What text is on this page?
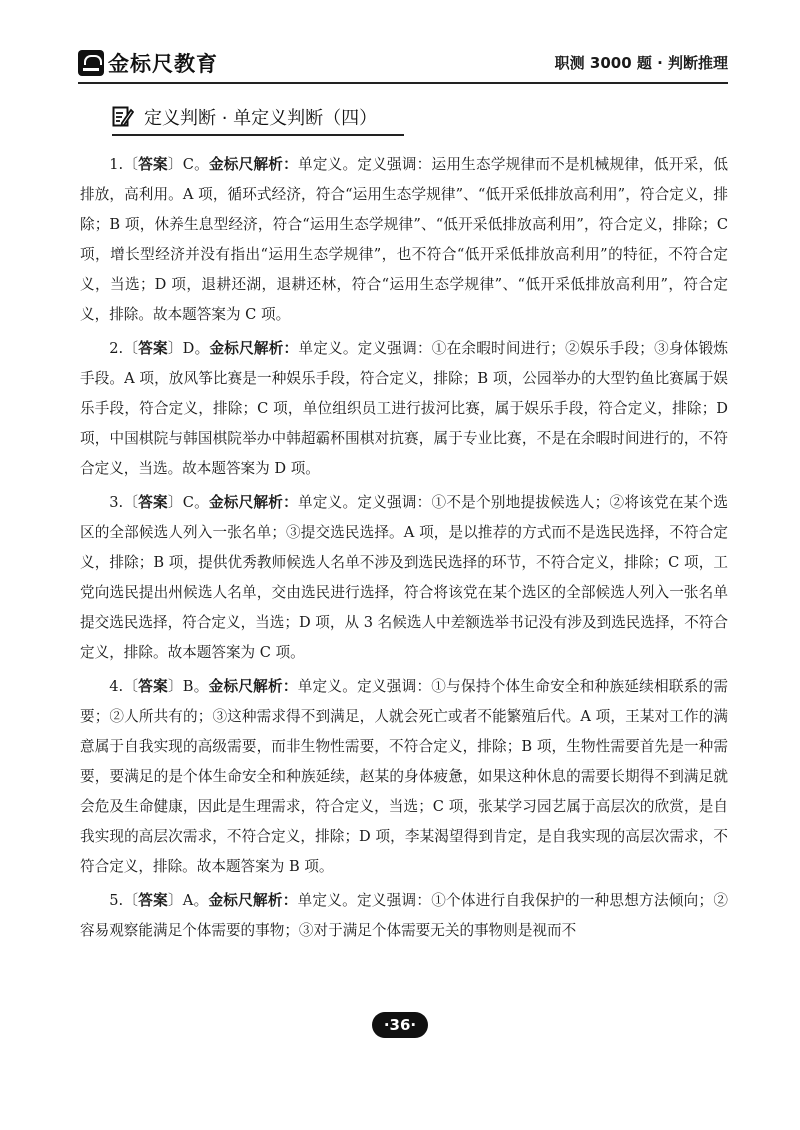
金标尺教育	职测 3000 题 · 判断推理
定义判断 · 单定义判断（四）

1.〔答案〕C。金标尺解析：单定义。定义强调：运用生态学规律而不是机械规律，低开采，低排放，高利用。A 项，循环式经济，符合“运用生态学规律”、“低开采低排放高利用”，符合定义，排除；B 项，休养生息型经济，符合“运用生态学规律”、“低开采低排放高利用”，符合定义，排除；C 项，增长型经济并没有指出“运用生态学规律”，也不符合“低开采低排放高利用”的特征，不符合定义，当选；D 项，退耕还湖，退耕还林，符合“运用生态学规律”、“低开采低排放高利用”，符合定义，排除。故本题答案为 C 项。

2.〔答案〕D。金标尺解析：单定义。定义强调：①在余暇时间进行；②娱乐手段；③身体锻炼手段。A 项，放风筝比赛是一种娱乐手段，符合定义，排除；B 项，公园举办的大型钓鱼比赛属于娱乐手段，符合定义，排除；C 项，单位组织员工进行拔河比赛，属于娱乐手段，符合定义，排除；D 项，中国棋院与韩国棋院举办中韩超霸杯围棋对抗赛，属于专业比赛，不是在余暇时间进行的，不符合定义，当选。故本题答案为 D 项。

3.〔答案〕C。金标尺解析：单定义。定义强调：①不是个别地提拔候选人；②将该党在某个选区的全部候选人列入一张名单；③提交选民选择。A 项，是以推荐的方式而不是选民选择，不符合定义，排除；B 项，提供优秀教师候选人名单不涉及到选民选择的环节，不符合定义，排除；C 项，工党向选民提出州候选人名单，交由选民进行选择，符合将该党在某个选区的全部候选人列入一张名单提交选民选择，符合定义，当选；D 项，从 3 名候选人中差额选举书记没有涉及到选民选择，不符合定义，排除。故本题答案为 C 项。

4.〔答案〕B。金标尺解析：单定义。定义强调：①与保持个体生命安全和种族延续相联系的需要；②人所共有的；③这种需求得不到满足，人就会死亡或者不能繁殖后代。A 项，王某对工作的满意属于自我实现的高级需要，而非生物性需要，不符合定义，排除；B 项，生物性需要首先是一种需要，要满足的是个体生命安全和种族延续，赵某的身体疲惫，如果这种休息的需要长期得不到满足就会危及生命健康，因此是生理需求，符合定义，当选；C 项，张某学习园艺属于高层次的欣赏，是自我实现的高层次需求，不符合定义，排除；D 项，李某渴望得到肯定，是自我实现的高层次需求，不符合定义，排除。故本题答案为 B 项。

5.〔答案〕A。金标尺解析：单定义。定义强调：①个体进行自我保护的一种思想方法倾向；②容易观察能满足个体需要的事物；③对于满足个体需要无关的事物则是视而不

·36·
